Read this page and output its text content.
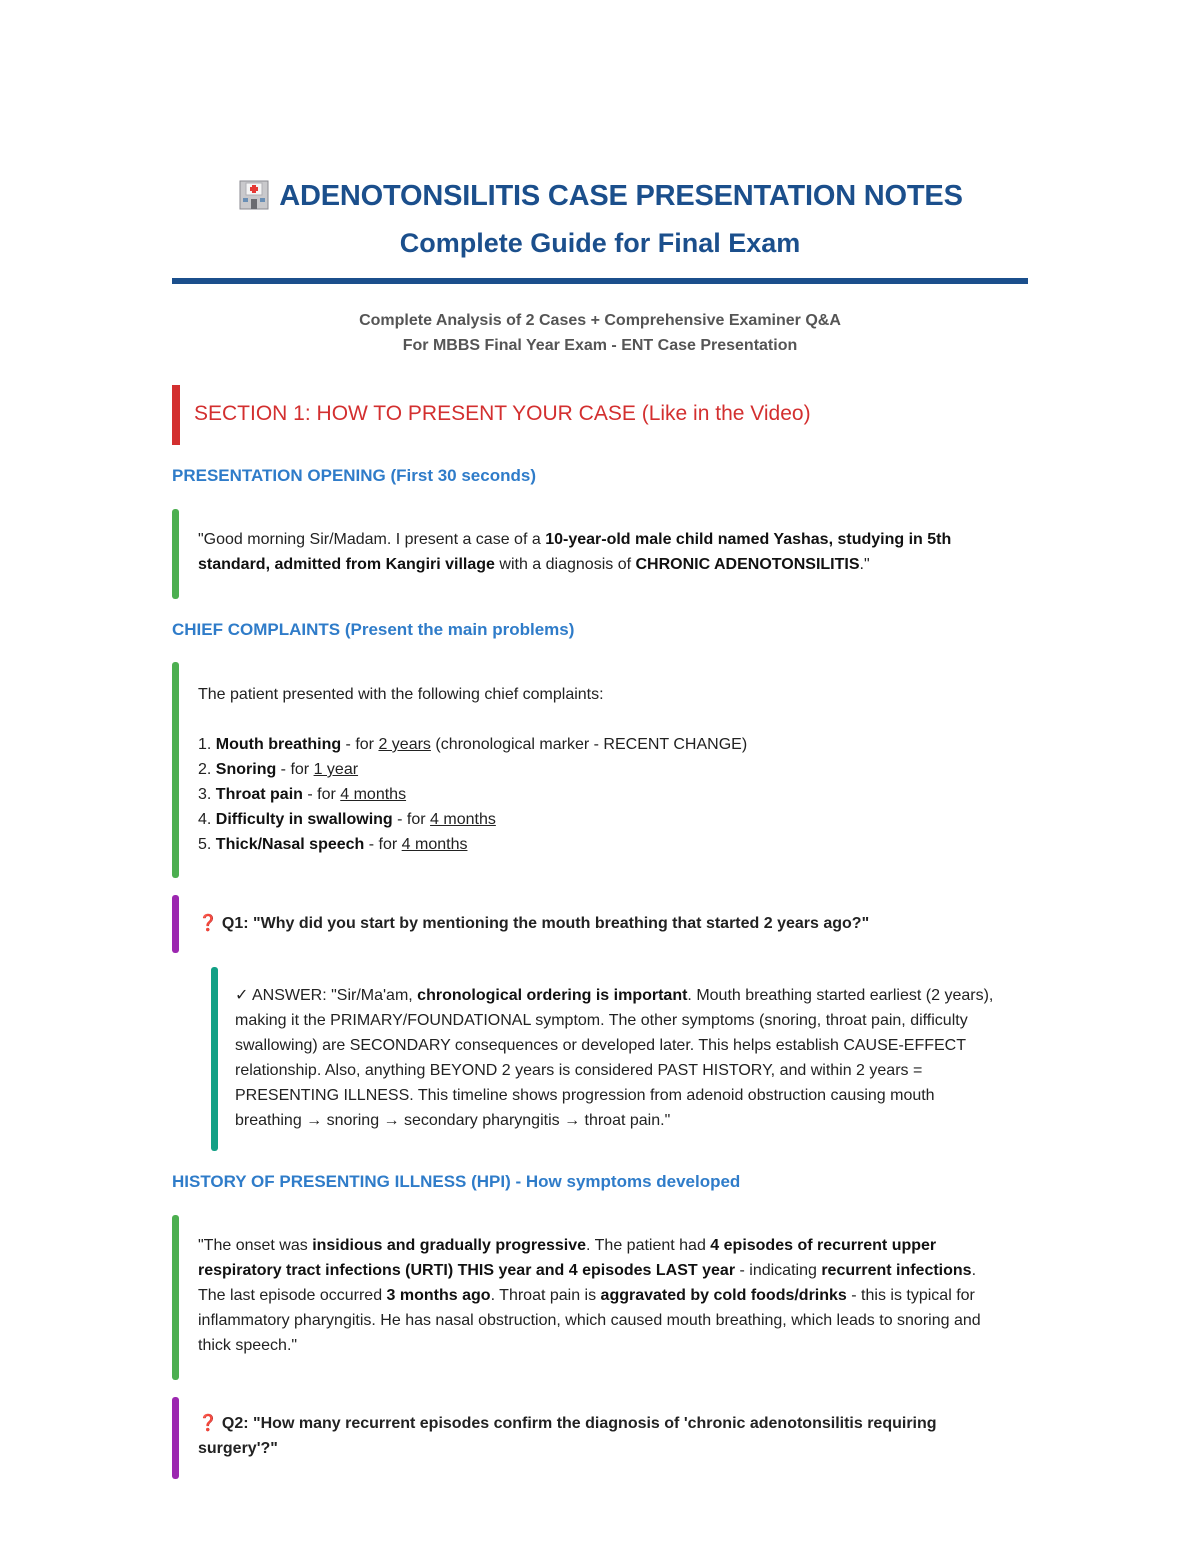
ADENOTONSILITIS CASE PRESENTATION NOTES
Complete Guide for Final Exam
Complete Analysis of 2 Cases + Comprehensive Examiner Q&A
For MBBS Final Year Exam - ENT Case Presentation
SECTION 1: HOW TO PRESENT YOUR CASE (Like in the Video)
PRESENTATION OPENING (First 30 seconds)
"Good morning Sir/Madam. I present a case of a 10-year-old male child named Yashas, studying in 5th standard, admitted from Kangiri village with a diagnosis of CHRONIC ADENOTONSILITIS."
CHIEF COMPLAINTS (Present the main problems)
The patient presented with the following chief complaints:
1. Mouth breathing - for 2 years (chronological marker - RECENT CHANGE)
2. Snoring - for 1 year
3. Throat pain - for 4 months
4. Difficulty in swallowing - for 4 months
5. Thick/Nasal speech - for 4 months
❓ Q1: "Why did you start by mentioning the mouth breathing that started 2 years ago?"
✓ ANSWER: "Sir/Ma'am, chronological ordering is important. Mouth breathing started earliest (2 years), making it the PRIMARY/FOUNDATIONAL symptom. The other symptoms (snoring, throat pain, difficulty swallowing) are SECONDARY consequences or developed later. This helps establish CAUSE-EFFECT relationship. Also, anything BEYOND 2 years is considered PAST HISTORY, and within 2 years = PRESENTING ILLNESS. This timeline shows progression from adenoid obstruction causing mouth breathing → snoring → secondary pharyngitis → throat pain."
HISTORY OF PRESENTING ILLNESS (HPI) - How symptoms developed
"The onset was insidious and gradually progressive. The patient had 4 episodes of recurrent upper respiratory tract infections (URTI) THIS year and 4 episodes LAST year - indicating recurrent infections. The last episode occurred 3 months ago. Throat pain is aggravated by cold foods/drinks - this is typical for inflammatory pharyngitis. He has nasal obstruction, which caused mouth breathing, which leads to snoring and thick speech."
❓ Q2: "How many recurrent episodes confirm the diagnosis of 'chronic adenotonsilitis requiring surgery'?"
